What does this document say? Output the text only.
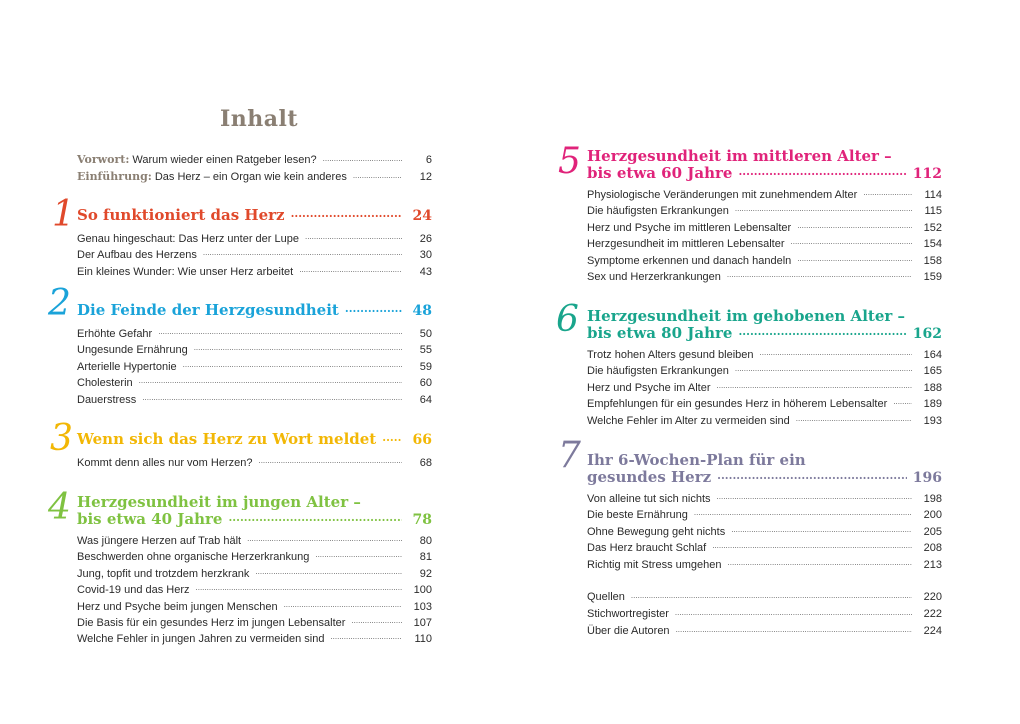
Inhalt
Vorwort: Warum wieder einen Ratgeber lesen? .....	6
Einführung: Das Herz – ein Organ wie kein anderes .....	12
1 So funktioniert das Herz .....	24
Genau hingeschaut: Das Herz unter der Lupe .....	26
Der Aufbau des Herzens .....	30
Ein kleines Wunder: Wie unser Herz arbeitet .....	43
2 Die Feinde der Herzgesundheit .....	48
Erhöhte Gefahr .....	50
Ungesunde Ernährung .....	55
Arterielle Hypertonie .....	59
Cholesterin .....	60
Dauerstress .....	64
3 Wenn sich das Herz zu Wort meldet .....	66
Kommt denn alles nur vom Herzen? .....	68
4 Herzgesundheit im jungen Alter –
bis etwa 40 Jahre .....	78
Was jüngere Herzen auf Trab hält .....	80
Beschwerden ohne organische Herzerkrankung .....	81
Jung, topfit und trotzdem herzkrank .....	92
Covid-19 und das Herz .....	100
Herz und Psyche beim jungen Menschen .....	103
Die Basis für ein gesundes Herz im jungen Lebensalter .....	107
Welche Fehler in jungen Jahren zu vermeiden sind .....	110
5 Herzgesundheit im mittleren Alter –
bis etwa 60 Jahre .....	112
Physiologische Veränderungen mit zunehmendem Alter .....	114
Die häufigsten Erkrankungen .....	115
Herz und Psyche im mittleren Lebensalter .....	152
Herzgesundheit im mittleren Lebensalter .....	154
Symptome erkennen und danach handeln .....	158
Sex und Herzerkrankungen .....	159
6 Herzgesundheit im gehobenen Alter –
bis etwa 80 Jahre .....	162
Trotz hohen Alters gesund bleiben .....	164
Die häufigsten Erkrankungen .....	165
Herz und Psyche im Alter .....	188
Empfehlungen für ein gesundes Herz in höherem Lebensalter .....	189
Welche Fehler im Alter zu vermeiden sind .....	193
7 Ihr 6-Wochen-Plan für ein
gesundes Herz .....	196
Von alleine tut sich nichts .....	198
Die beste Ernährung .....	200
Ohne Bewegung geht nichts .....	205
Das Herz braucht Schlaf .....	208
Richtig mit Stress umgehen .....	213
Quellen .....	220
Stichwortregister .....	222
Über die Autoren .....	224
